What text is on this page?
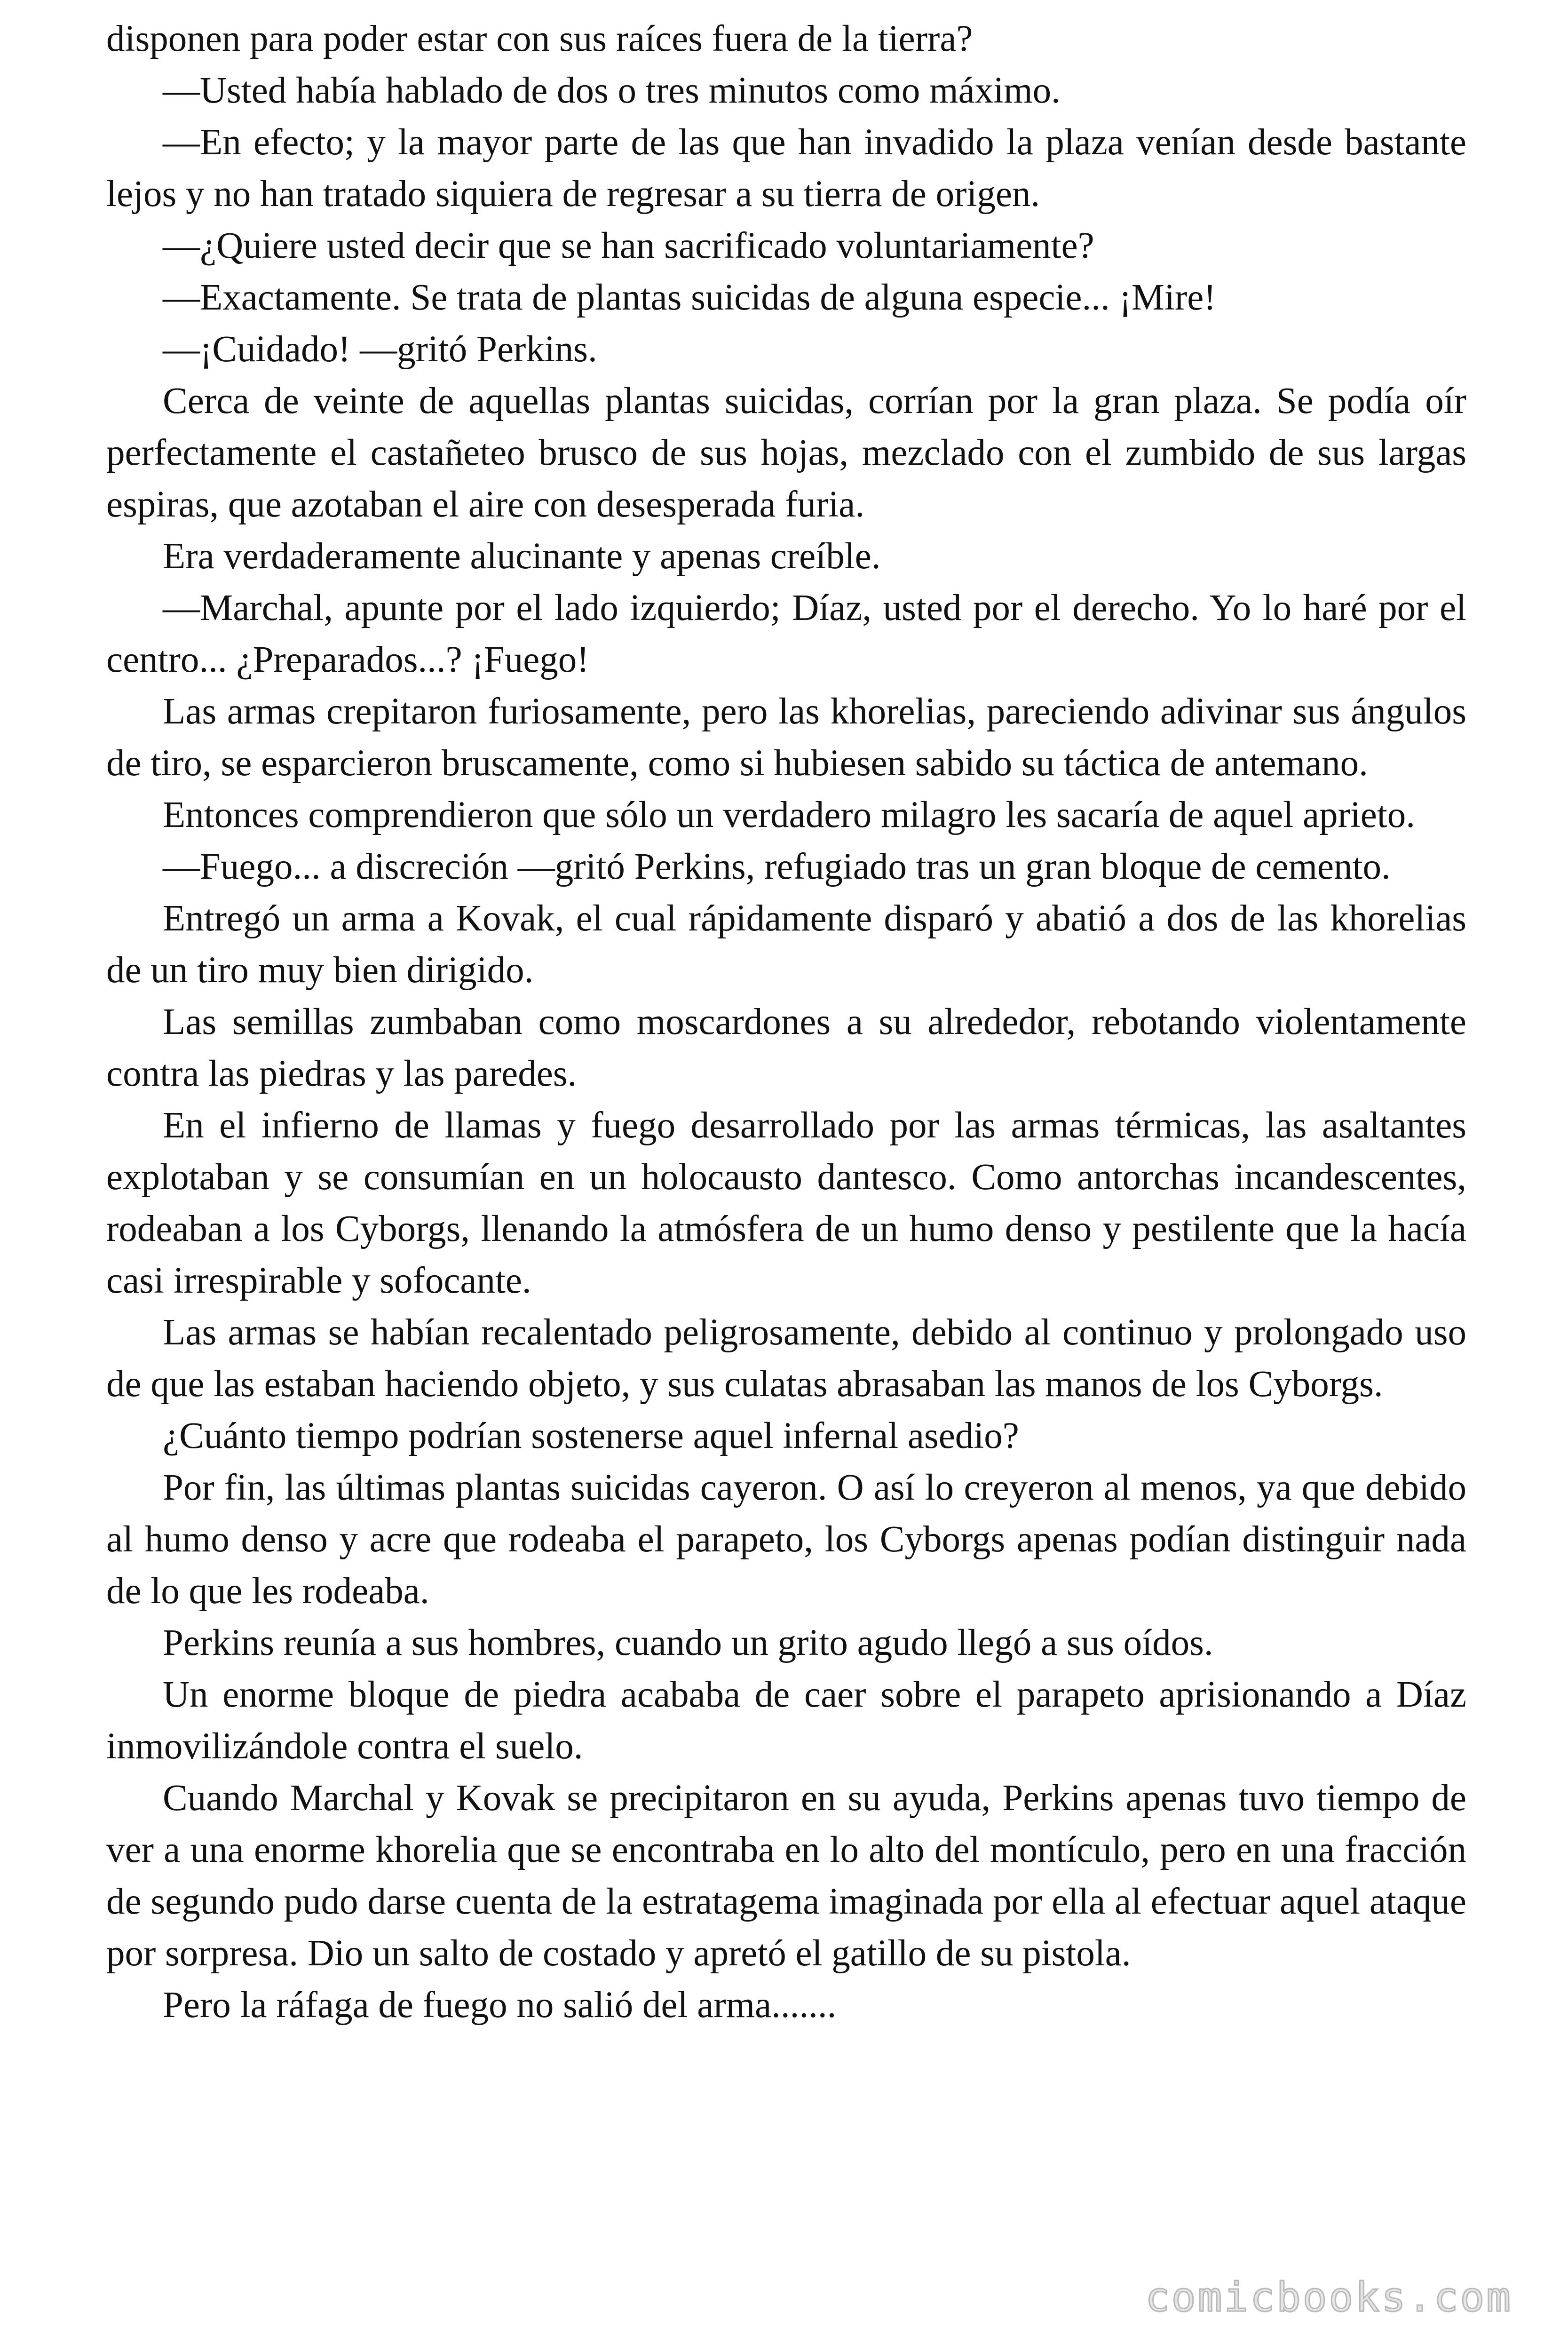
disponen para poder estar con sus raíces fuera de la tierra?

—Usted había hablado de dos o tres minutos como máximo.

—En efecto; y la mayor parte de las que han invadido la plaza venían desde bastante lejos y no han tratado siquiera de regresar a su tierra de origen.

—¿Quiere usted decir que se han sacrificado voluntariamente?

—Exactamente. Se trata de plantas suicidas de alguna especie... ¡Mire!

—¡Cuidado! —gritó Perkins.

Cerca de veinte de aquellas plantas suicidas, corrían por la gran plaza. Se podía oír perfectamente el castañeteo brusco de sus hojas, mezclado con el zumbido de sus largas espiras, que azotaban el aire con desesperada furia.

Era verdaderamente alucinante y apenas creíble.

—Marchal, apunte por el lado izquierdo; Díaz, usted por el derecho. Yo lo haré por el centro... ¿Preparados...? ¡Fuego!

Las armas crepitaron furiosamente, pero las khorelias, pareciendo adivinar sus ángulos de tiro, se esparcieron bruscamente, como si hubiesen sabido su táctica de antemano.

Entonces comprendieron que sólo un verdadero milagro les sacaría de aquel aprieto.

—Fuego... a discreción —gritó Perkins, refugiado tras un gran bloque de cemento.

Entregó un arma a Kovak, el cual rápidamente disparó y abatió a dos de las khorelias de un tiro muy bien dirigido.

Las semillas zumbaban como moscardones a su alrededor, rebotando violentamente contra las piedras y las paredes.

En el infierno de llamas y fuego desarrollado por las armas térmicas, las asaltantes explotaban y se consumían en un holocausto dantesco. Como antorchas incandescentes, rodeaban a los Cyborgs, llenando la atmósfera de un humo denso y pestilente que la hacía casi irrespirable y sofocante.

Las armas se habían recalentado peligrosamente, debido al continuo y prolongado uso de que las estaban haciendo objeto, y sus culatas abrasaban las manos de los Cyborgs.

¿Cuánto tiempo podrían sostenerse aquel infernal asedio?

Por fin, las últimas plantas suicidas cayeron. O así lo creyeron al menos, ya que debido al humo denso y acre que rodeaba el parapeto, los Cyborgs apenas podían distinguir nada de lo que les rodeaba.

Perkins reunía a sus hombres, cuando un grito agudo llegó a sus oídos.

Un enorme bloque de piedra acababa de caer sobre el parapeto aprisionando a Díaz inmovilizándole contra el suelo.

Cuando Marchal y Kovak se precipitaron en su ayuda, Perkins apenas tuvo tiempo de ver a una enorme khorelia que se encontraba en lo alto del montículo, pero en una fracción de segundo pudo darse cuenta de la estratagema imaginada por ella al efectuar aquel ataque por sorpresa. Dio un salto de costado y apretó el gatillo de su pistola.

Pero la ráfaga de fuego no salió del arma.......

comicbooks.com
